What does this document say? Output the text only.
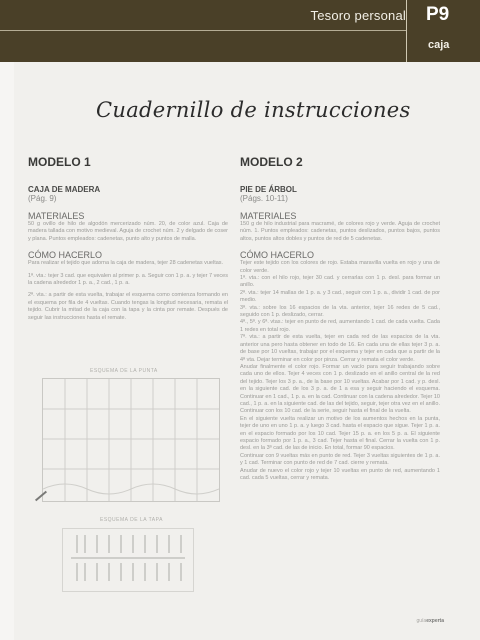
Tesoro personal P9
caja
Cuadernillo de instrucciones
MODELO 1
CAJA DE MADERA
(Pág. 9)
MATERIALES
50 g ovillo de hilo de algodón mercerizado núm. 20, de color azul. Caja de madera tallada con motivo medieval. Aguja de crochet núm. 2 y delgado de coser y plana. Puntos empleados: cadenetas, punto alto y puntos de malla.
CÓMO HACERLO
Para realizar el tejido que adorna la caja de madera, tejer 28 cadenetas vueltas.
1ª. vta.: tejer 3 cad. que equivalen al primer p. a. Seguir con 1 p. a. y tejer 7 veces la cadena alrededor 1 p. a., 2 cad., 1 p. a.
2ª. vta.: a partir de esta vuelta, trabajar el esquema como comienza formando en el esquema por fila de 4 vueltas. Cuando tengas la longitud necesaria, remata el tejido. Cubrir la mitad de la caja con la tapa y la cinta por remate. Después de seguir las instrucciones hasta el remate.
ESQUEMA DE LA PUNTA
ESQUEMA DE LA TAPA
MODELO 2
PIE DE ÁRBOL
(Págs. 10-11)
MATERIALES
150 g de hilo industrial para macramé, de colores rojo y verde. Aguja de crochet núm. 1. Puntos empleados: cadenetas, puntos deslizados, puntos bajos, puntos altos, puntos altos dobles y puntos de red de 5 cadenetas.
CÓMO HACERLO
Tejer este tejido con los colores de rojo. Estaba maravilla vuelta en rojo y una de color verde.
1ª. vta.: con el hilo rojo, tejer 30 cad. y cerrarlas con 1 p. desl. para formar un anillo.
2ª. vta.: tejer 14 mallas de 1 p. a. y 3 cad., seguir con 1 p. a., dividir 1 cad. de por medio.
3ª. vta.: sobre los 16 espacios de la vta. anterior, tejer 16 redes de 5 cad., seguido con 1 p. deslizado, cerrar.
4ª., 5ª. y 6ª. vtas.: tejer en punto de red, aumentando 1 cad. de cada vuelta. Cada 1 redes en total rojo.
7ª. vta.: a partir de esta vuelta, tejer en cada red de las espacios de la vta. anterior una pero hasta obtener en todo de 16. En cada una de ellas tejer 3 p. a. de base por 10 vueltas, trabajar por el esquema y tejer en cada que a partir de la 4ª vta. Dejar terminar en color por pinza. Cerrar y remata el color verde.
Anudar finalmente el color rojo. Formar un vacío para seguir trabajando sobre cada uno de ellos. Tejer 4 veces con 1 p. deslizado en el anillo central de la red del tejido. Tejer los 3 p. a., de la base por 10 vueltas. Acabar por 1 cad. y p. desl. en la siguiente cad. de los 3 p. a. de 1 a esa y seguir haciendo el esquema. Continuar en 1 cad., 1 p. a. en la cad. Continuar con la cadena alrededor. Tejer 10 cad., 1 p. a. en la siguiente cad. de las del tejido, seguir, tejer otra vez en el anillo. Continuar con los 10 cad. de la serie, seguir hasta el final de la vuelta.
En el siguiente vuelta realizar un motivo de los aumentos hechos en la punta, tejer de uno en uno 1 p. a. y luego 3 cad. hasta el espacio que sigue. Tejer 1 p. a. en el espacio formado por los 10 cad. Tejer 15 p. a. en los 5 p. a. El siguiente espacio formado por 1 p. a., 3 cad. Tejer hasta el final. Cerrar la vuelta con 1 p. desl. en la 3ª cad. de las de inicio. En total, formar 90 espacios.
Continuar con 9 vueltas más en punto de red. Tejer 3 vueltas siguientes de 1 p. a. y 1 cad. Terminar con punto de red de 7 cad. cierre y remata.
Anudar de nuevo el color rojo y tejer 10 vueltas en punto de red, aumentando 1 cad. cada 5 vueltas, cerrar y remata.
guíaexperta
